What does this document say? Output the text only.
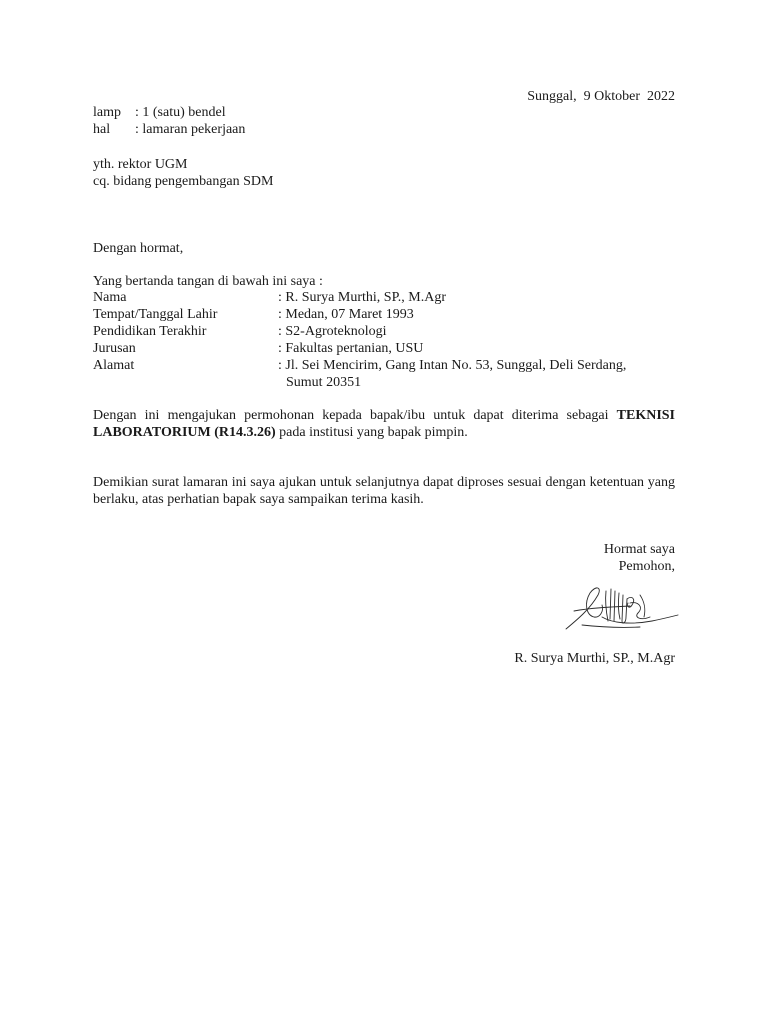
Sunggal,  9 Oktober  2022
lamp : 1 (satu) bendel
hal : lamaran pekerjaan
yth. rektor UGM
cq. bidang pengembangan SDM
Dengan hormat,
Yang bertanda tangan di bawah ini saya :
Nama	: R. Surya Murthi, SP., M.Agr
Tempat/Tanggal Lahir	: Medan, 07 Maret 1993
Pendidikan Terakhir	: S2-Agroteknologi
Jurusan	: Fakultas pertanian, USU
Alamat	: Jl. Sei Mencirim, Gang Intan No. 53, Sunggal, Deli Serdang,
Sumut 20351
Dengan ini mengajukan permohonan kepada bapak/ibu untuk dapat diterima sebagai TEKNISI LABORATORIUM (R14.3.26) pada institusi yang bapak pimpin.
Demikian surat lamaran ini saya ajukan untuk selanjutnya dapat diproses sesuai dengan ketentuan yang berlaku, atas perhatian bapak saya sampaikan terima kasih.
Hormat saya
Pemohon,
R. Surya Murthi, SP., M.Agr
